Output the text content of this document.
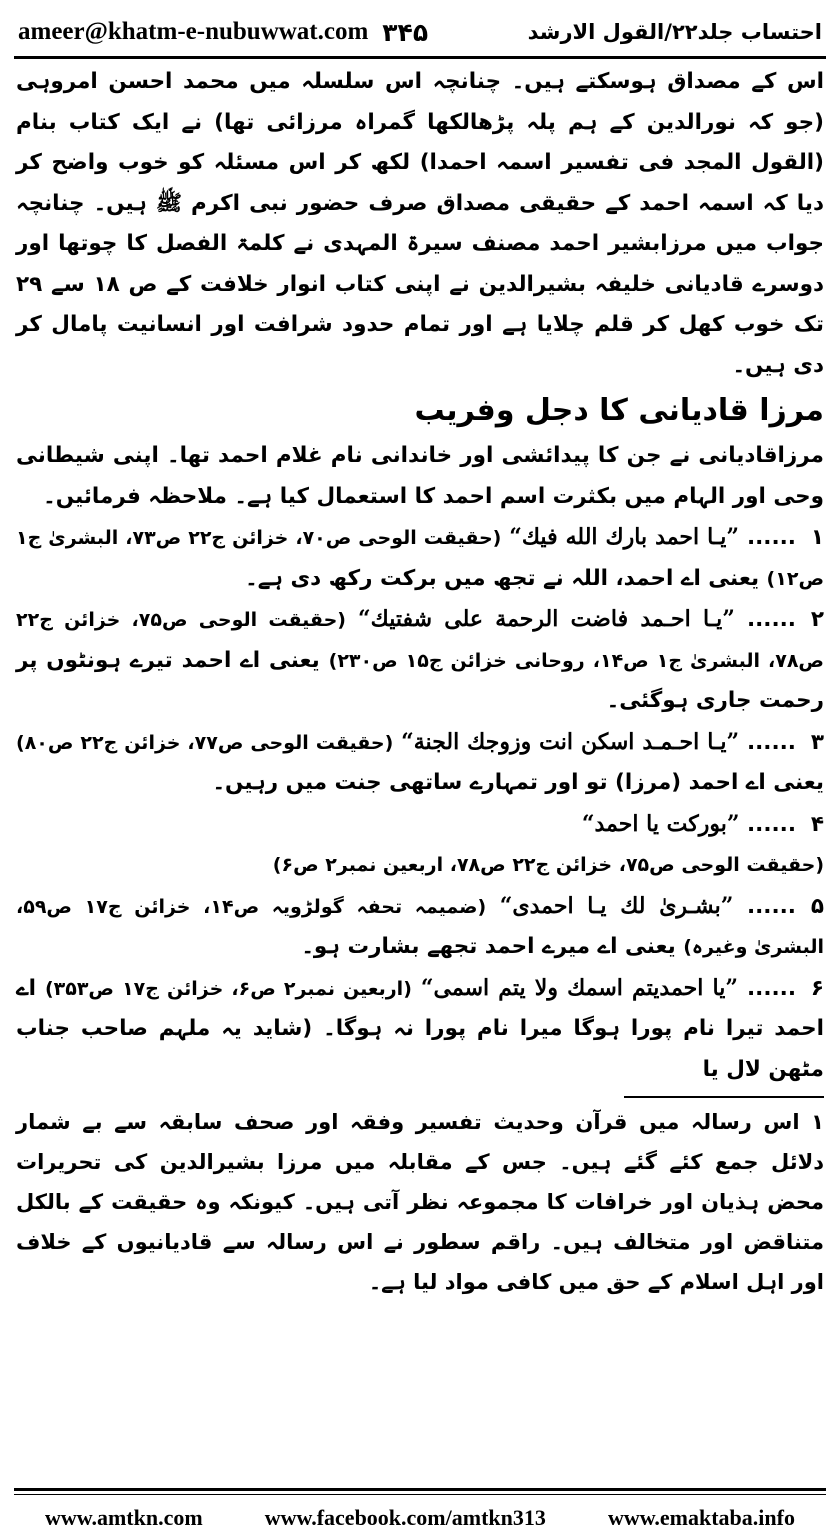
ameer@khatm-e-nubuwwat.com ۳۴۵	احتساب جلد۲۲/القول الارشد

اس کے مصداق ہوسکتے ہیں۔ چنانچہ اس سلسلہ میں محمد احسن امروہی (جو کہ نورالدین کے ہم پلہ پڑھالکھا گمراہ مرزائی تھا) نے ایک کتاب بنام (القول المجد فی تفسیر اسمہ احمدا) لکھ کر اس مسئلہ کو خوب واضح کر دیا کہ اسمہ احمد کے حقیقی مصداق صرف حضور نبی اکرم ﷺ ہیں۔ چنانچہ جواب میں مرزابشیر احمد مصنف سیرۃ المہدی نے کلمۃ الفصل کا چوتھا اور دوسرے قادیانی خلیفہ بشیرالدین نے اپنی کتاب انوار خلافت کے ص ۱۸ سے ۲۹ تک خوب کھل کر قلم چلایا ہے اور تمام حدود شرافت اور انسانیت پامال کر دی ہیں۔

مرزا قادیانی کا دجل وفریب

مرزاقادیانی نے جن کا پیدائشی اور خاندانی نام غلام احمد تھا۔ اپنی شیطانی وحی اور الہام میں بکثرت اسم احمد کا استعمال کیا ہے۔ ملاحظہ فرمائیں۔

۱...... ”یـا احمد بارك الله فيك“ (حقیقت الوحی ص۷۰، خزائن ج۲۲ ص۷۳، البشریٰ ج۱ ص۱۲) یعنی اے احمد، اللہ نے تجھ میں برکت رکھ دی ہے۔

۲...... ”یـا احـمد فاضت الرحمة على شفتيك“ (حقیقت الوحی ص۷۵، خزائن ج۲۲ ص۷۸، البشریٰ ج۱ ص۱۴، روحانی خزائن ج۱۵ ص۲۳۰) یعنی اے احمد تیرے ہونٹوں پر رحمت جاری ہوگئی۔

۳...... ”یـا احـمـد اسكن انت وزوجك الجنة“ (حقیقت الوحی ص۷۷، خزائن ج۲۲ ص۸۰) یعنی اے احمد (مرزا) تو اور تمہارے ساتھی جنت میں رہیں۔

۴...... ”بوركت يا احمد“
(حقیقت الوحی ص۷۵، خزائن ج۲۲ ص۷۸، اربعین نمبر۲ ص۶)

۵...... ”بشـرىٰ لك يـا احمدى“ (ضمیمہ تحفہ گولڑویہ ص۱۴، خزائن ج۱۷ ص۵۹، البشریٰ وغیرہ) یعنی اے میرے احمد تجھے بشارت ہو۔

۶...... ”یا احمديتم اسمك ولا يتم اسمى“ (اربعین نمبر۲ ص۶، خزائن ج۱۷ ص۳۵۳) اے احمد تیرا نام پورا ہوگا میرا نام پورا نہ ہوگا۔ (شاید یہ ملہم صاحب جناب مٹھن لال یا

۱ اس رسالہ میں قرآن وحدیث تفسیر وفقہ اور صحف سابقہ سے بے شمار دلائل جمع کئے گئے ہیں۔ جس کے مقابلہ میں مرزا بشیرالدین کی تحریرات محض ہذیان اور خرافات کا مجموعہ نظر آتی ہیں۔ کیونکہ وہ حقیقت کے بالکل متناقض اور متخالف ہیں۔ راقم سطور نے اس رسالہ سے قادیانیوں کے خلاف اور اہل اسلام کے حق میں کافی مواد لیا ہے۔

www.amtkn.com	www.facebook.com/amtkn313	www.emaktaba.info
